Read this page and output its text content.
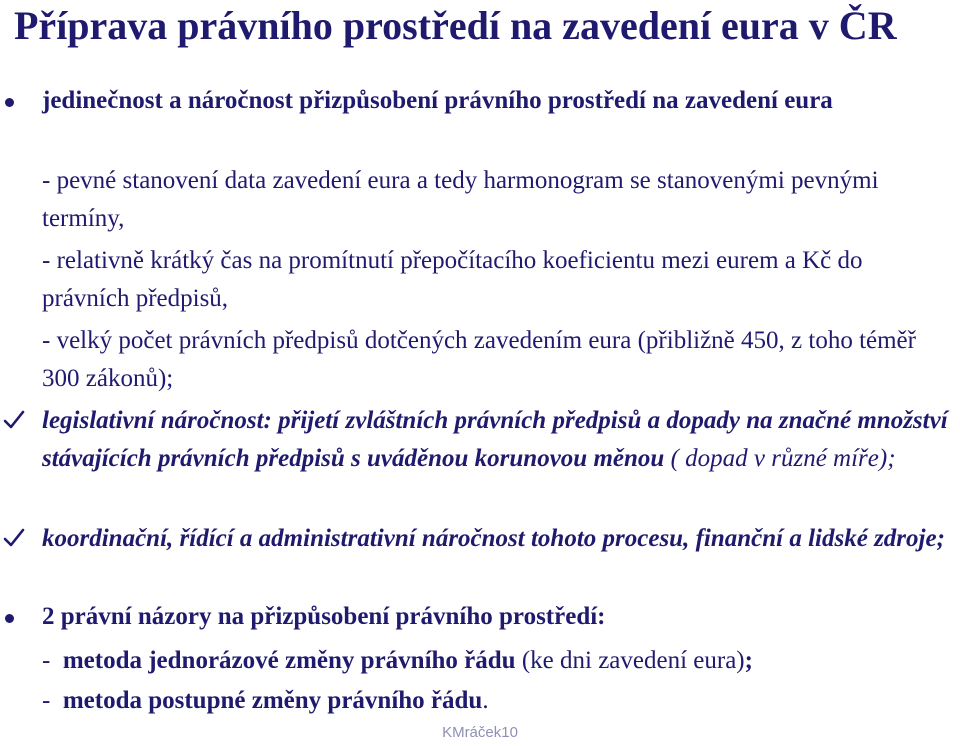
Příprava právního prostředí na zavedení eura v ČR

jedinečnost a náročnost přizpůsobení právního prostředí na zavedení eura

- pevné stanovení data zavedení eura a tedy harmonogram se stanovenými pevnými termíny,

- relativně krátký čas na promítnutí přepočítacího koeficientu mezi eurem a Kč do právních předpisů,

- velký počet právních předpisů dotčených zavedením eura (přibližně 450, z toho téměř 300 zákonů);

legislativní náročnost: přijetí zvláštních právních předpisů a dopady na značné množství stávajících právních předpisů s uváděnou korunovou měnou ( dopad v různé míře);

koordinační, řídící a administrativní náročnost tohoto procesu, finanční a lidské zdroje;

2 právní názory na přizpůsobení právního prostředí:

- metoda jednorázové změny právního řádu (ke dni zavedení eura);
- metoda postupné změny právního řádu.
KMráček10
